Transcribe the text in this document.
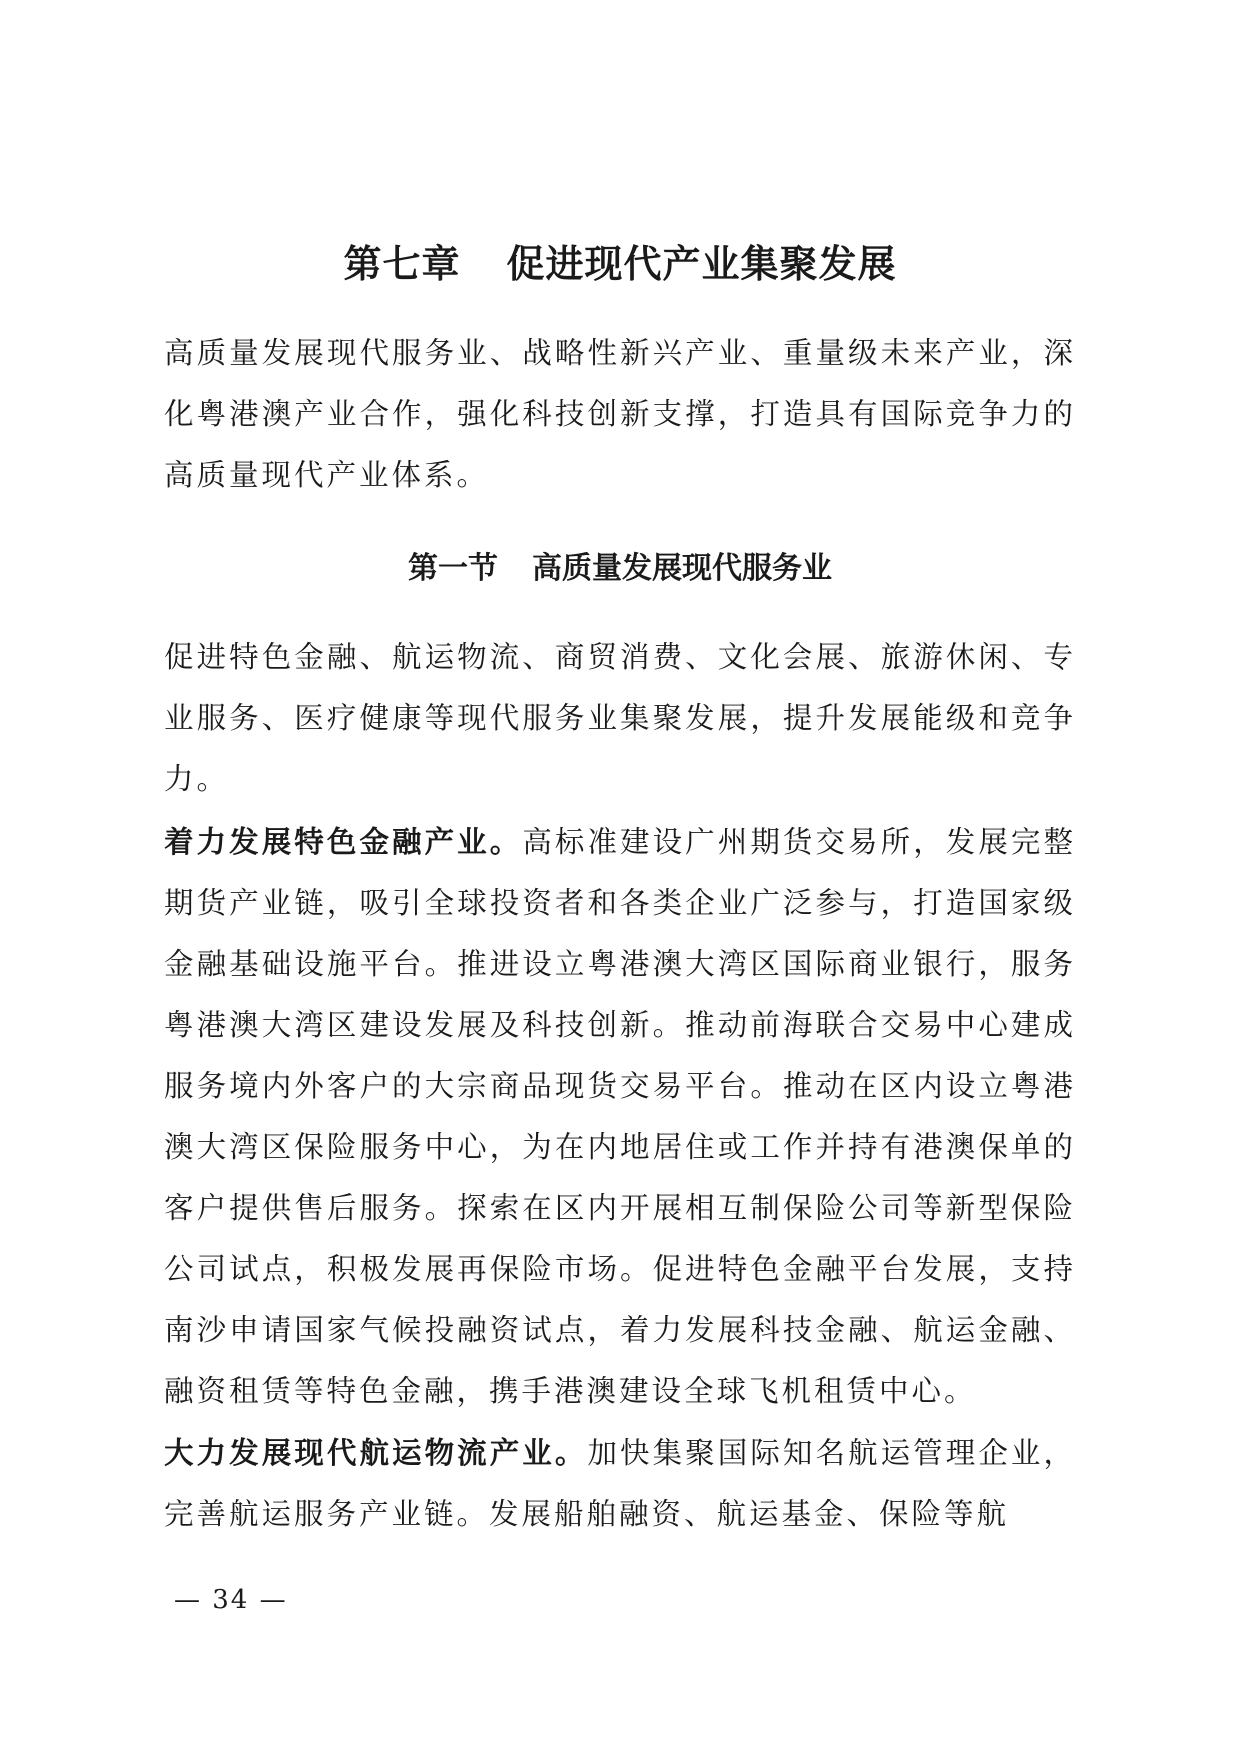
第七章 促进现代产业集聚发展

高质量发展现代服务业、战略性新兴产业、重量级未来产业，深化粤港澳产业合作，强化科技创新支撑，打造具有国际竞争力的高质量现代产业体系。

第一节 高质量发展现代服务业

促进特色金融、航运物流、商贸消费、文化会展、旅游休闲、专业服务、医疗健康等现代服务业集聚发展，提升发展能级和竞争力。

着力发展特色金融产业。高标准建设广州期货交易所，发展完整期货产业链，吸引全球投资者和各类企业广泛参与，打造国家级金融基础设施平台。推进设立粤港澳大湾区国际商业银行，服务粤港澳大湾区建设发展及科技创新。推动前海联合交易中心建成服务境内外客户的大宗商品现货交易平台。推动在区内设立粤港澳大湾区保险服务中心，为在内地居住或工作并持有港澳保单的客户提供售后服务。探索在区内开展相互制保险公司等新型保险公司试点，积极发展再保险市场。促进特色金融平台发展，支持南沙申请国家气候投融资试点，着力发展科技金融、航运金融、融资租赁等特色金融，携手港澳建设全球飞机租赁中心。

大力发展现代航运物流产业。加快集聚国际知名航运管理企业，完善航运服务产业链。发展船舶融资、航运基金、保险等航

— 34 —
